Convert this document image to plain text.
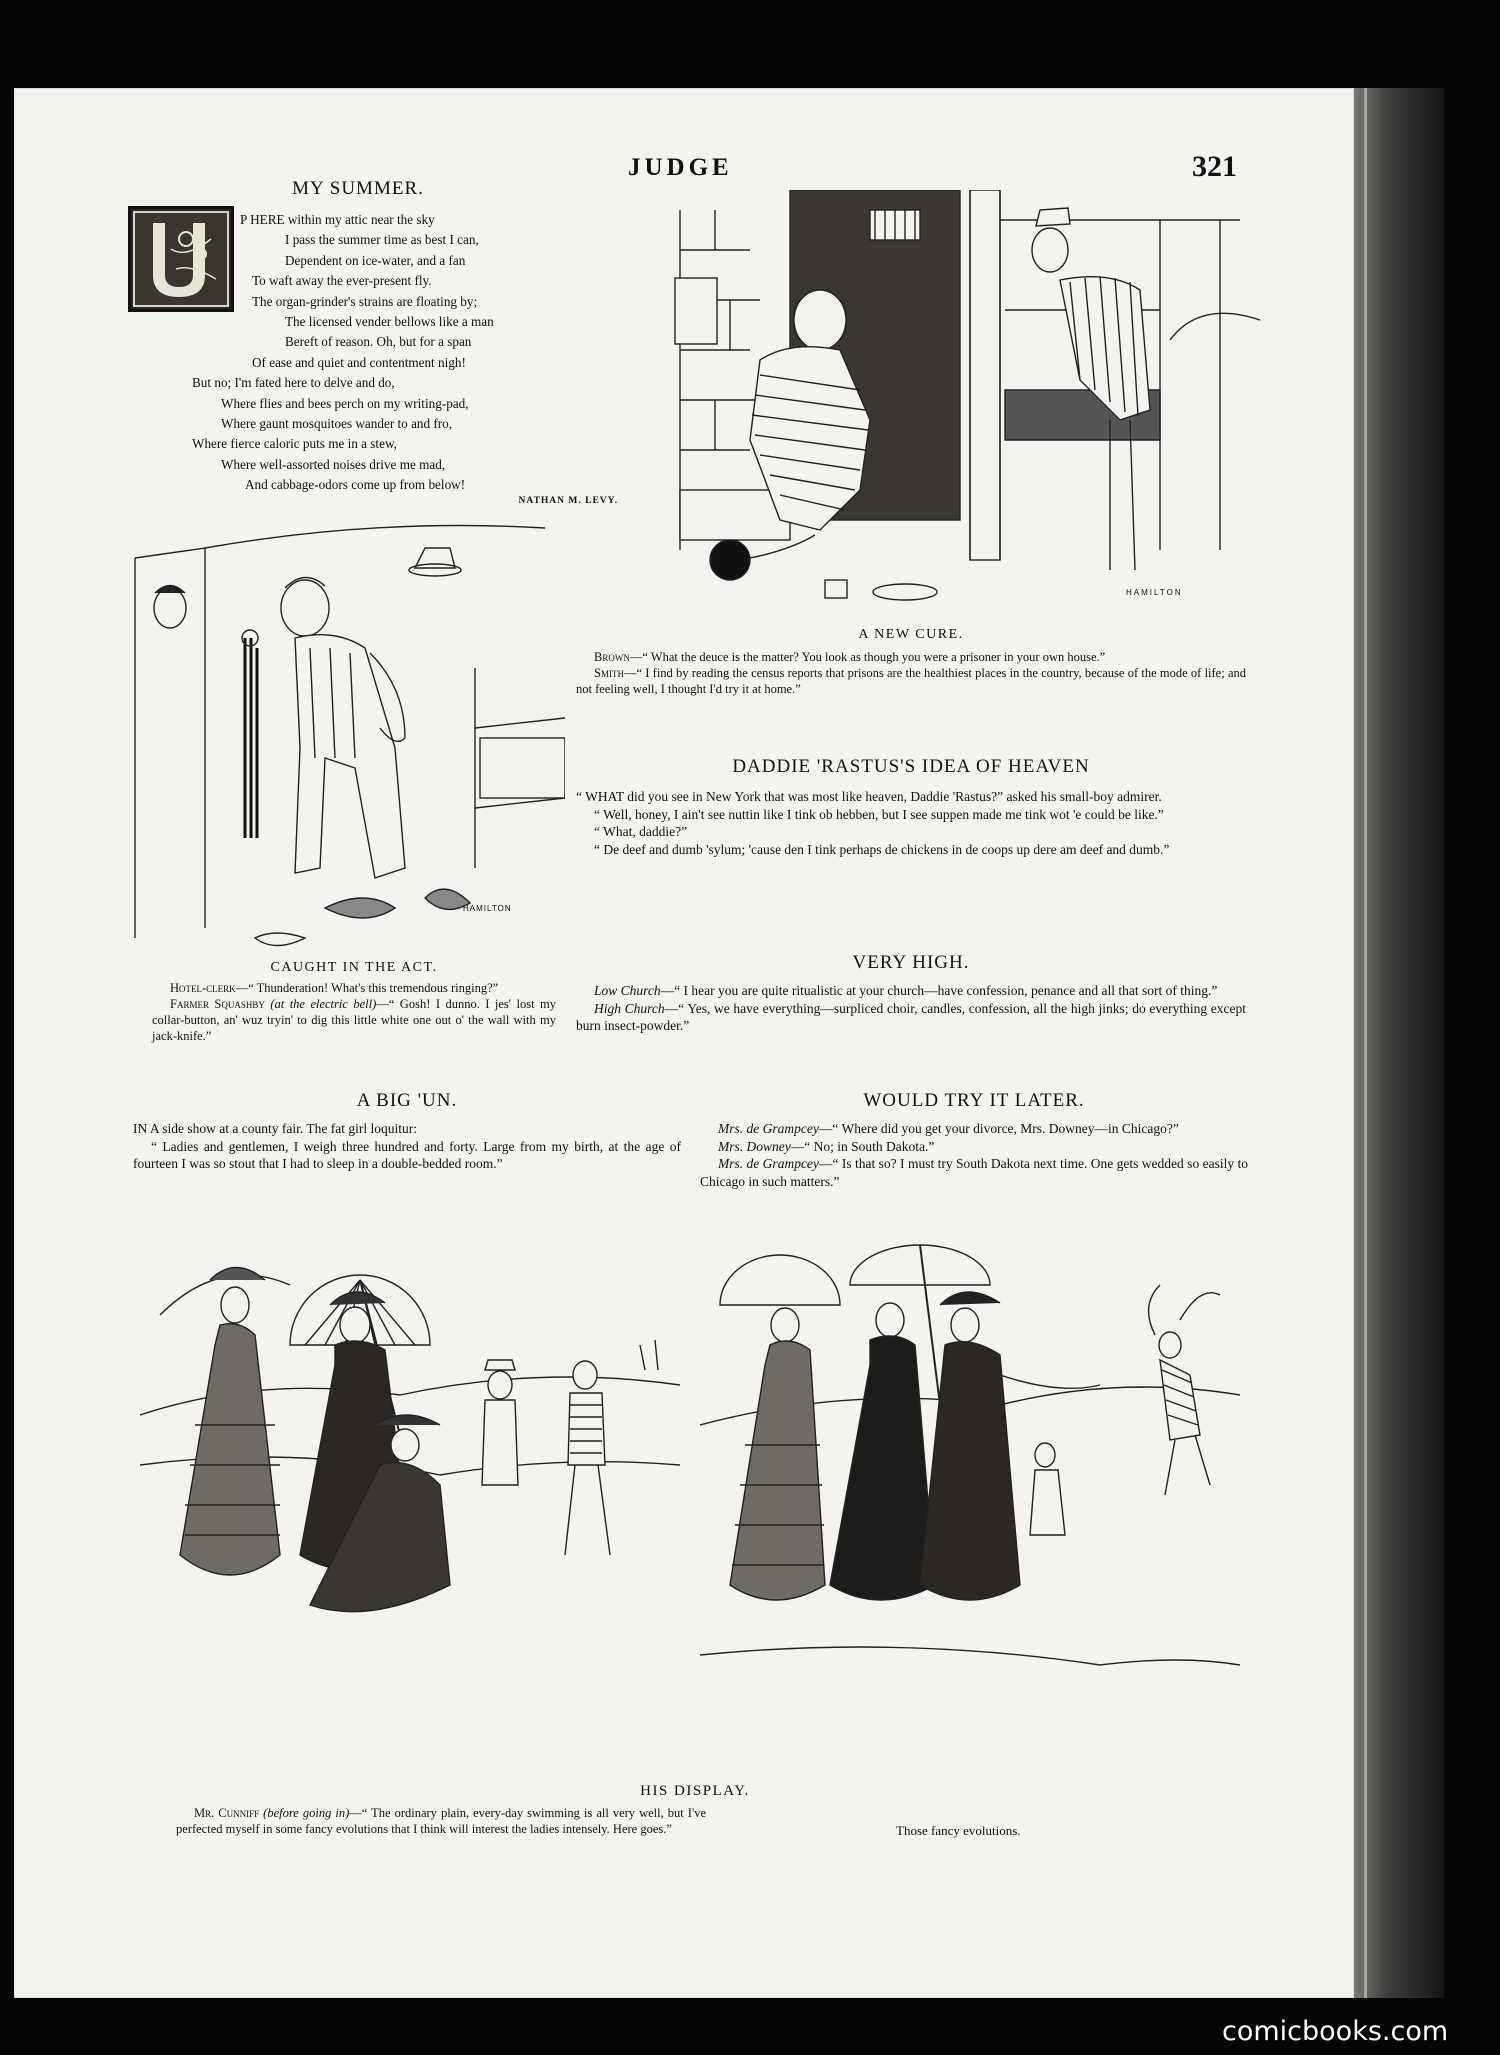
JUDGE	321
MY SUMMER.
P HERE within my attic near the sky
I pass the summer time as best I can,
Dependent on ice-water, and a fan
To waft away the ever-present fly.
The organ-grinder's strains are floating by;
The licensed vender bellows like a man
Bereft of reason. Oh, but for a span
Of ease and quiet and contentment nigh!
But no; I'm fated here to delve and do,
Where flies and bees perch on my writing-pad,
Where gaunt mosquitoes wander to and fro,
Where fierce caloric puts me in a stew,
Where well-assorted noises drive me mad,
And cabbage-odors come up from below!
NATHAN M. LEVY.
HAMILTON
A NEW CURE.

Brown—“ What the deuce is the matter? You look as though you were a prisoner in your own house.”

Smith—“ I find by reading the census reports that prisons are the healthiest places in the country, because of the mode of life; and not feeling well, I thought I'd try it at home.”

HAMILTON
CAUGHT IN THE ACT.

Hotel-clerk—“ Thunderation! What's this tremendous ringing?”

Farmer Squashby (at the electric bell)—“ Gosh! I dunno. I jes' lost my collar-button, an' wuz tryin' to dig this little white one out o' the wall with my jack-knife.”

DADDIE 'RASTUS'S IDEA OF HEAVEN

“ WHAT did you see in New York that was most like heaven, Daddie 'Rastus?” asked his small-boy admirer.

“ Well, honey, I ain't see nuttin like I tink ob hebben, but I see suppen made me tink wot 'e could be like.”

“ What, daddie?”

“ De deef and dumb 'sylum; 'cause den I tink perhaps de chickens in de coops up dere am deef and dumb.”

VERY HIGH.

Low Church—“ I hear you are quite ritualistic at your church—have confession, penance and all that sort of thing.”

High Church—“ Yes, we have everything—surpliced choir, candles, confession, all the high jinks; do everything except burn insect-powder.”

A BIG 'UN.

IN A side show at a county fair. The fat girl loquitur:

“ Ladies and gentlemen, I weigh three hundred and forty. Large from my birth, at the age of fourteen I was so stout that I had to sleep in a double-bedded room.”

WOULD TRY IT LATER.

Mrs. de Grampcey—“ Where did you get your divorce, Mrs. Downey—in Chicago?”

Mrs. Downey—“ No; in South Dakota.”

Mrs. de Grampcey—“ Is that so? I must try South Dakota next time. One gets wedded so easily to Chicago in such matters.”

HIS DISPLAY.

Mr. Cunniff (before going in)—“ The ordinary plain, every-day swimming is all very well, but I've perfected myself in some fancy evolutions that I think will interest the ladies intensely. Here goes.”	Those fancy evolutions.
comicbooks.com
